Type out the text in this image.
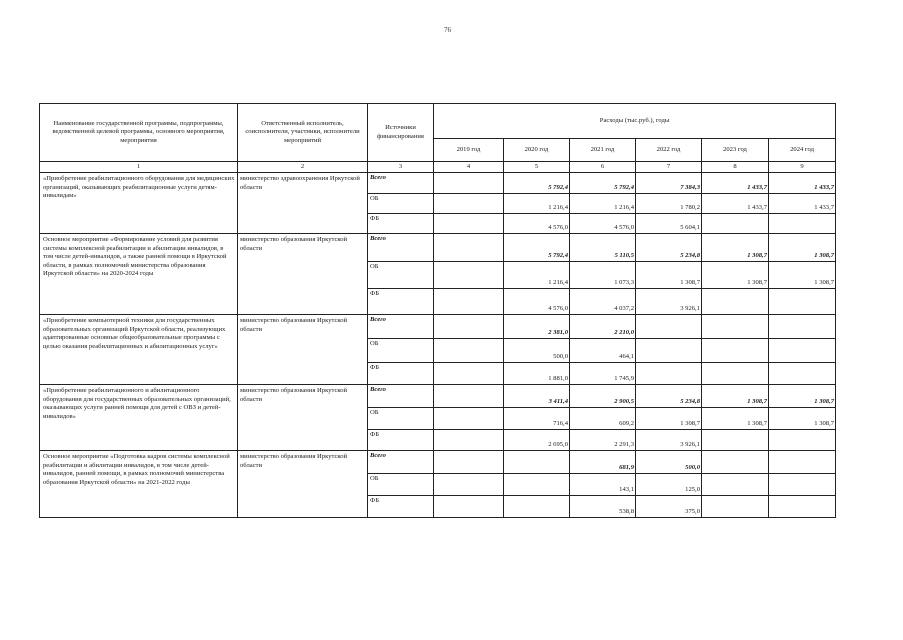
76
Наименование государственной программы, подпрограммы, ведомственной целевой программы, основного мероприятия, мероприятия	Ответственный исполнитель, соисполнители, участники, исполнители мероприятий	Источники финансирования	Расходы (тыс.руб.), годы					
			2019 год	2020 год	2021 год	2022 год	2023 год	2024 год
1	2	3	4	5	6	7	8	9
«Приобретение реабилитационного оборудования для медицинских организаций, оказывающих реабилитационные услуги детям-инвалидам»	министерство здравоохранения Иркутской области	Всего		5 792,4	5 792,4	7 384,3	1 433,7	1 433,7
		ОБ		1 216,4	1 216,4	1 780,2	1 433,7	1 433,7
		ФБ		4 576,0	4 576,0	5 604,1		
Основное мероприятие «Формирование условий для развития системы комплексной реабилитации и абилитации инвалидов, в том числе детей-инвалидов, а также ранней помощи в Иркутской области, в рамках полномочий министерства образования Иркутской области» на 2020-2024 годы	министерство образования Иркутской области	Всего		5 792,4	5 110,5	5 234,8	1 308,7	1 308,7
		ОБ		1 216,4	1 073,3	1 308,7	1 308,7	1 308,7
		ФБ		4 576,0	4 037,2	3 926,1		
«Приобретение компьютерной техники для государственных образовательных организаций Иркутской области, реализующих адаптированные основные общеобразовательные программы с целью оказания реабилитационных и абилитационных услуг»	министерство образования Иркутской области	Всего		2 381,0	2 210,0			
		ОБ		500,0	464,1			
		ФБ		1 881,0	1 745,9			
«Приобретение реабилитационного и абилитационного оборудования для государственных образовательных организаций, оказывающих услуги ранней помощи для детей с ОВЗ и детей-инвалидов»	министерство образования Иркутской области	Всего		3 411,4	2 900,5	5 234,8	1 308,7	1 308,7
		ОБ		716,4	609,2	1 308,7	1 308,7	1 308,7
		ФБ		2 695,0	2 291,3	3 926,1		
Основное мероприятие «Подготовка кадров системы комплексной реабилитации и абилитации инвалидов, в том числе детей-инвалидов, ранней помощи, в рамках полномочий министерства образования Иркутской области» на 2021-2022 годы	министерство образования Иркутской области	Всего			681,9	500,0		
		ОБ			143,1	125,0		
		ФБ			538,8	375,0		
